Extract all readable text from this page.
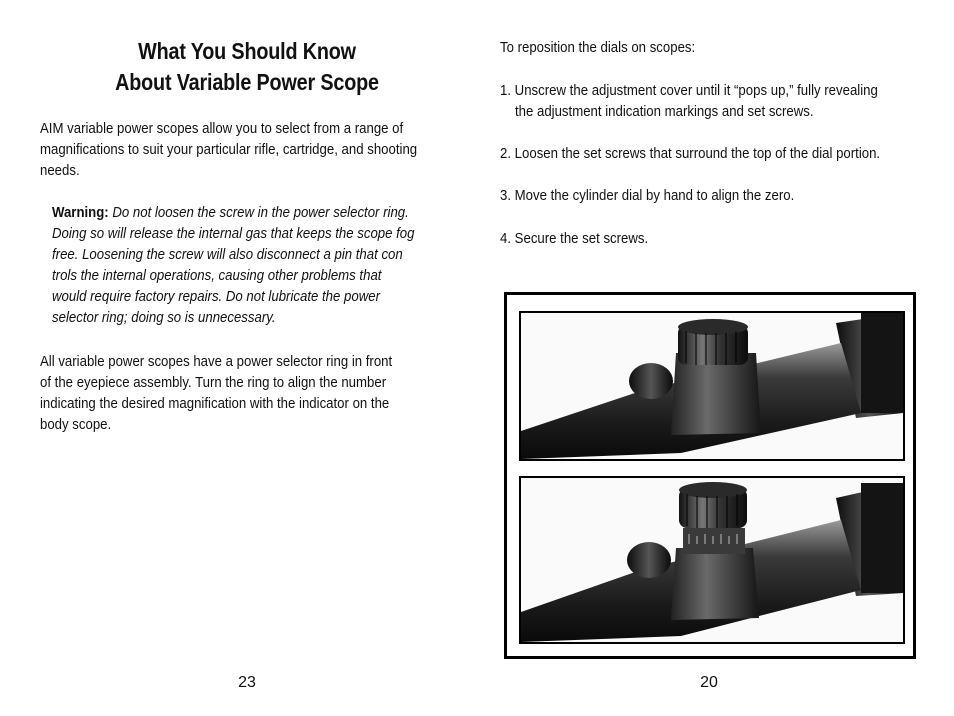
What You Should Know
About Variable Power Scope
AIM variable power scopes allow you to select from a range of
magnifications to suit your particular rifle, cartridge, and shooting
needs.
Warning: Do not loosen the screw in the power selector ring.
Doing so will release the internal gas that keeps the scope fog
free. Loosening the screw will also disconnect a pin that con
trols the internal operations, causing other problems that
would require factory repairs. Do not lubricate the power
selector ring; doing so is unnecessary.
All variable power scopes have a power selector ring in front
of the eyepiece assembly. Turn the ring to align the number
indicating the desired magnification with the indicator on the
body scope.
23
To reposition the dials on scopes:
1. Unscrew the adjustment cover until it “pops up,” fully revealing
the adjustment indication markings and set screws.
2. Loosen the set screws that surround the top of the dial portion.
3. Move the cylinder dial by hand to align the zero.
4. Secure the set screws.
20
